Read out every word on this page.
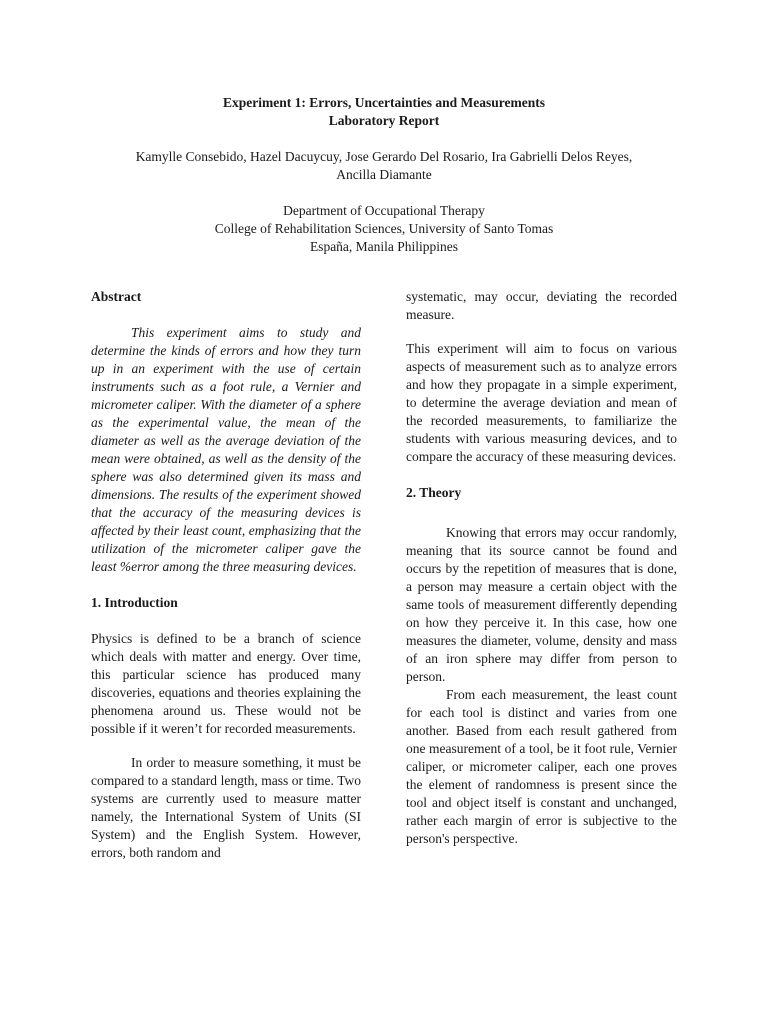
Experiment 1: Errors, Uncertainties and Measurements
Laboratory Report
Kamylle Consebido, Hazel Dacuycuy, Jose Gerardo Del Rosario, Ira Gabrielli Delos Reyes,
Ancilla Diamante
Department of Occupational Therapy
College of Rehabilitation Sciences, University of Santo Tomas
España, Manila Philippines

Abstract

This experiment aims to study and determine the kinds of errors and how they turn up in an experiment with the use of certain instruments such as a foot rule, a Vernier and micrometer caliper. With the diameter of a sphere as the experimental value, the mean of the diameter as well as the average deviation of the mean were obtained, as well as the density of the sphere was also determined given its mass and dimensions. The results of the experiment showed that the accuracy of the measuring devices is affected by their least count, emphasizing that the utilization of the micrometer caliper gave the least %error among the three measuring devices.

1. Introduction

Physics is defined to be a branch of science which deals with matter and energy. Over time, this particular science has produced many discoveries, equations and theories explaining the phenomena around us. These would not be possible if it weren’t for recorded measurements.

In order to measure something, it must be compared to a standard length, mass or time. Two systems are currently used to measure matter namely, the International System of Units (SI System) and the English System. However, errors, both random and

systematic, may occur, deviating the recorded measure.

This experiment will aim to focus on various aspects of measurement such as to analyze errors and how they propagate in a simple experiment, to determine the average deviation and mean of the recorded measurements, to familiarize the students with various measuring devices, and to compare the accuracy of these measuring devices.

2. Theory

Knowing that errors may occur randomly, meaning that its source cannot be found and occurs by the repetition of measures that is done, a person may measure a certain object with the same tools of measurement differently depending on how they perceive it. In this case, how one measures the diameter, volume, density and mass of an iron sphere may differ from person to person.

From each measurement, the least count for each tool is distinct and varies from one another. Based from each result gathered from one measurement of a tool, be it foot rule, Vernier caliper, or micrometer caliper, each one proves the element of randomness is present since the tool and object itself is constant and unchanged, rather each margin of error is subjective to the person's perspective.
